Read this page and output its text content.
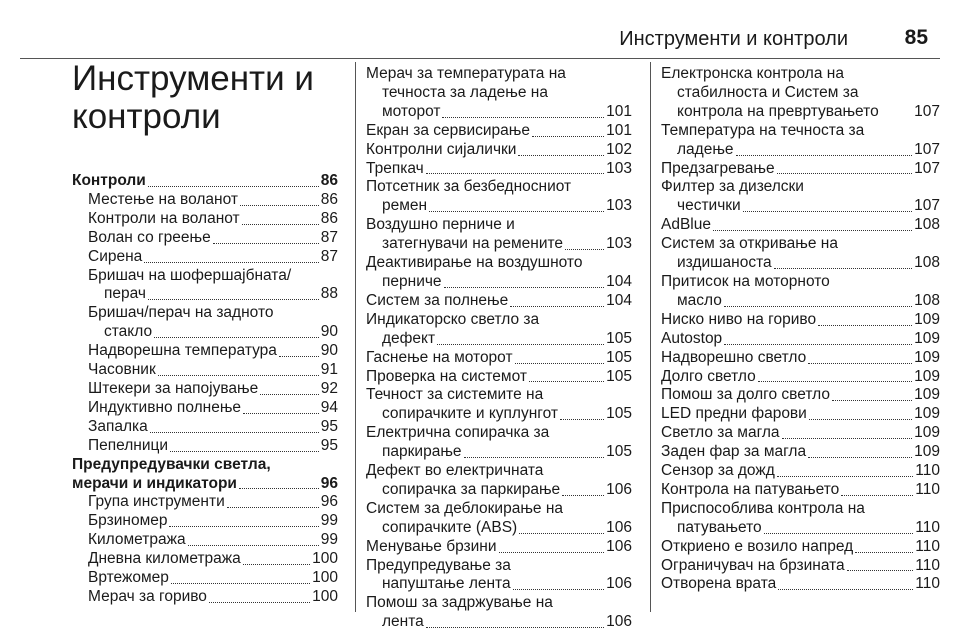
Инструменти и контроли	85
Инструменти и
контроли
Контроли	86
Местење на воланот	86
Контроли на воланот	86
Волан со греење	87
Сирена	87
Бришач на шофершајбната/
перач	88
Бришач/перач на задното
стакло	90
Надворешна температура	90
Часовник	91
Штекери за напојување	92
Индуктивно полнење	94
Запалка	95
Пепелници	95
Предупредувачки светла,
мерачи и индикатори	96
Група инструменти	96
Брзиномер	99
Километража	99
Дневна километража	100
Вртежомер	100
Мерач за гориво	100
Мерач за температурата на
течноста за ладење на
моторот	101
Екран за сервисирање	101
Контролни сијалички	102
Трепкач	103
Потсетник за безбедносниот
ремен	103
Воздушно перниче и
затегнувачи на ремените	103
Деактивирање на воздушното
перниче	104
Систем за полнење	104
Индикаторско светло за
дефект	105
Гаснење на моторот	105
Проверка на системот	105
Течност за системите на
сопирачките и куплунгот	105
Електрична сопирачка за
паркирање	105
Дефект во електричната
сопирачка за паркирање	106
Систем за деблокирање на
сопирачките (ABS)	106
Менување брзини	106
Предупредување за
напуштање лента	106
Помош за задржување на
лента	106
Електронска контрола на
стабилноста и Систем за
контрола на превртувањето 107
Температура на течноста за
ладење	107
Предзагревање	107
Филтер за дизелски
честички	107
AdBlue	108
Систем за откривање на
издишаноста	108
Притисок на моторното
масло	108
Ниско ниво на гориво	109
Autostop	109
Надворешно светло	109
Долго светло	109
Помош за долго светло	109
LED предни фарови	109
Светло за магла	109
Заден фар за магла	109
Сензор за дожд	110
Контрола на патувањето	110
Приспособлива контрола на
патувањето	110
Откриено е возило напред	110
Ограничувач на брзината	110
Отворена врата	110
